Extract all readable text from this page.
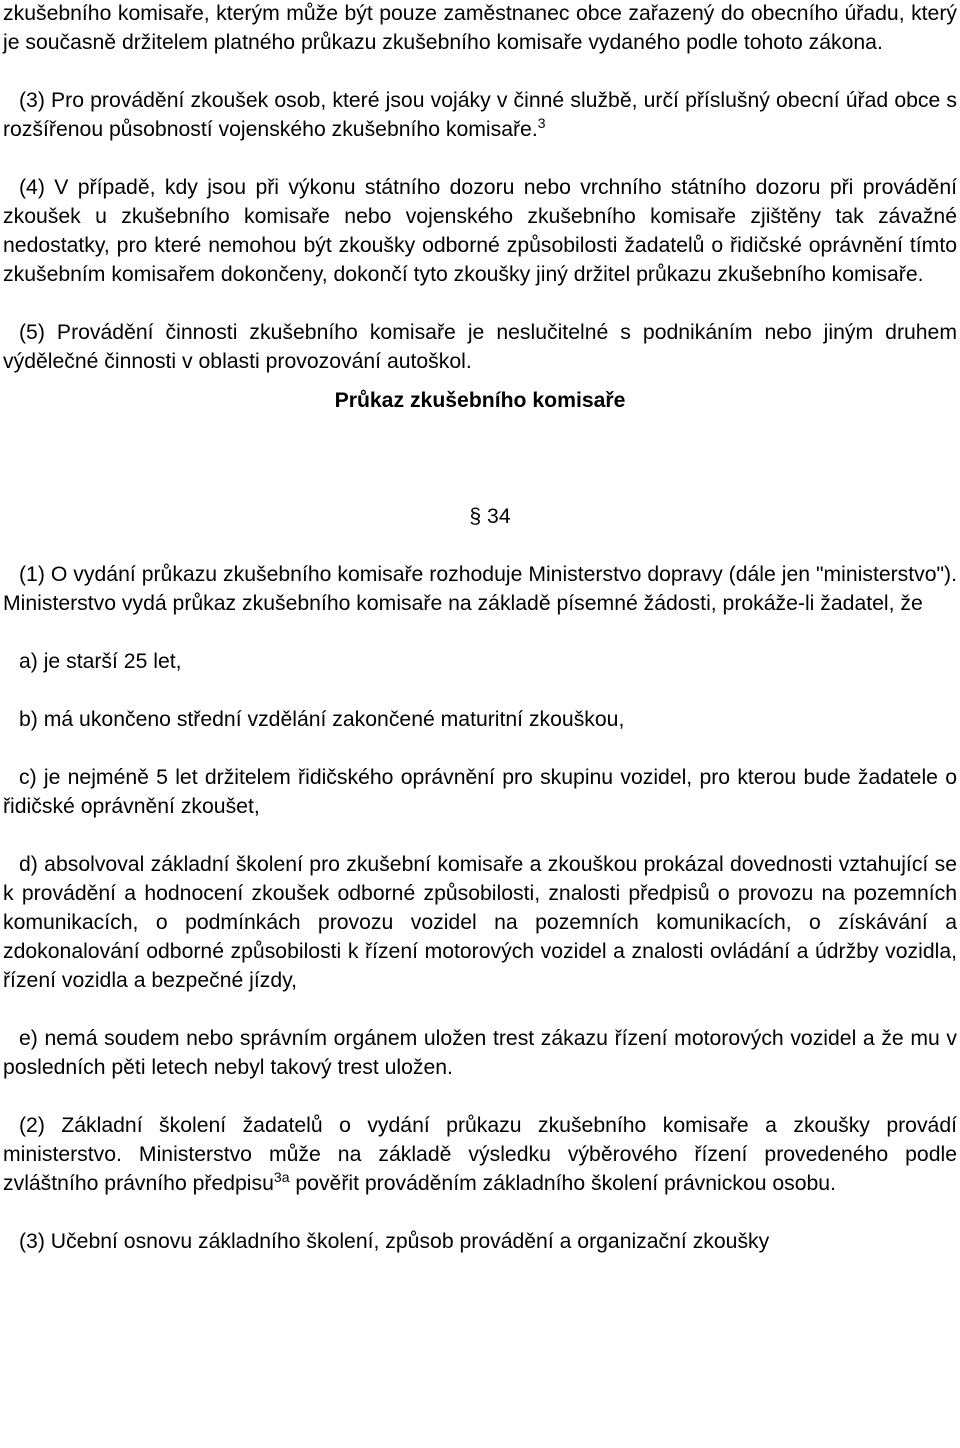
zkušebního komisaře, kterým může být pouze zaměstnanec obce zařazený do obecního úřadu, který je současně držitelem platného průkazu zkušebního komisaře vydaného podle tohoto zákona.

(3) Pro provádění zkoušek osob, které jsou vojáky v činné službě, určí příslušný obecní úřad obce s rozšířenou působností vojenského zkušebního komisaře.$^3$

(4) V případě, kdy jsou při výkonu státního dozoru nebo vrchního státního dozoru při provádění zkoušek u zkušebního komisaře nebo vojenského zkušebního komisaře zjištěny tak závažné nedostatky, pro které nemohou být zkoušky odborné způsobilosti žadatelů o řidičské oprávnění tímto zkušebním komisařem dokončeny, dokončí tyto zkoušky jiný držitel průkazu zkušebního komisaře.

(5) Provádění činnosti zkušebního komisaře je neslučitelné s podnikáním nebo jiným druhem výdělečné činnosti v oblasti provozování autoškol.

Průkaz zkušebního komisaře

§ 34

(1) O vydání průkazu zkušebního komisaře rozhoduje Ministerstvo dopravy (dále jen "ministerstvo"). Ministerstvo vydá průkaz zkušebního komisaře na základě písemné žádosti, prokáže-li žadatel, že

a) je starší 25 let,

b) má ukončeno střední vzdělání zakončené maturitní zkouškou,

c) je nejméně 5 let držitelem řidičského oprávnění pro skupinu vozidel, pro kterou bude žadatele o řidičské oprávnění zkoušet,

d) absolvoval základní školení pro zkušební komisaře a zkouškou prokázal dovednosti vztahující se k provádění a hodnocení zkoušek odborné způsobilosti, znalosti předpisů o provozu na pozemních komunikacích, o podmínkách provozu vozidel na pozemních komunikacích, o získávání a zdokonalování odborné způsobilosti k řízení motorových vozidel a znalosti ovládání a údržby vozidla, řízení vozidla a bezpečné jízdy,

e) nemá soudem nebo správním orgánem uložen trest zákazu řízení motorových vozidel a že mu v posledních pěti letech nebyl takový trest uložen.

(2) Základní školení žadatelů o vydání průkazu zkušebního komisaře a zkoušky provádí ministerstvo. Ministerstvo může na základě výsledku výběrového řízení provedeného podle zvláštního právního předpisu$^{3a}$ pověřit prováděním základního školení právnickou osobu.

(3) Učební osnovu základního školení, způsob provádění a organizační zkoušky
